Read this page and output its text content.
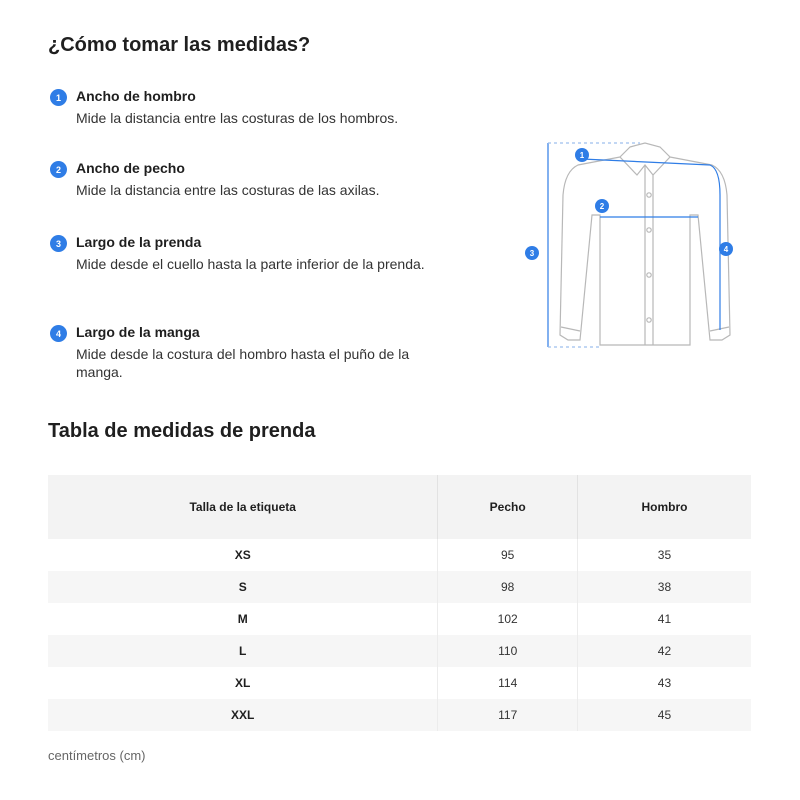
¿Cómo tomar las medidas?
1	Ancho de hombro
Mide la distancia entre las costuras de los hombros.
2	Ancho de pecho
Mide la distancia entre las costuras de las axilas.
3	Largo de la prenda
Mide desde el cuello hasta la parte inferior de la prenda.
4	Largo de la manga
Mide desde la costura del hombro hasta el puño de la manga.
1
2
3	4
Tabla de medidas de prenda
Talla de la etiqueta	Pecho	Hombro
XS	95	35
S	98	38
M	102	41
L	110	42
XL	114	43
XXL	117	45
centímetros (cm)
